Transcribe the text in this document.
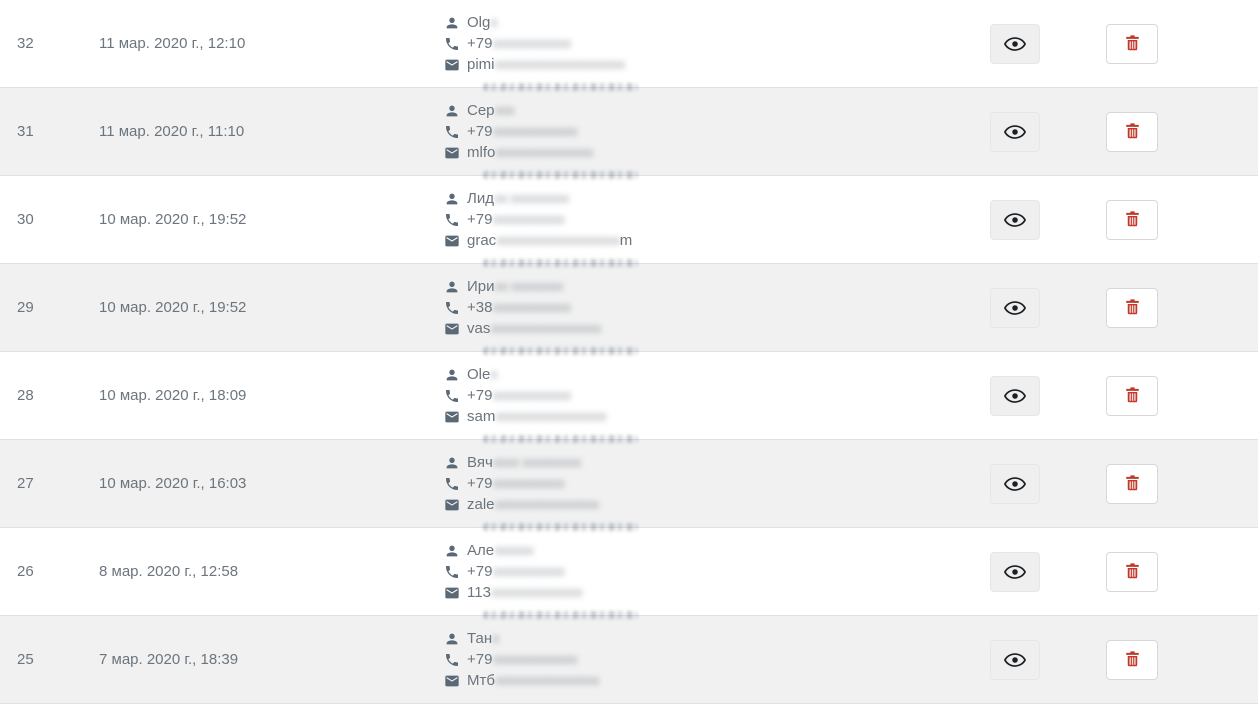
32	11 мар. 2020 г., 12:10
Olgx
+79xxxxxxxxxxxx
pimixxxxxxxxxxxxxxxxxxxx
31	11 мар. 2020 г., 11:10
Серxxx
+79xxxxxxxxxxxxx
mlfoxxxxxxxxxxxxxxx
30	10 мар. 2020 г., 19:52
Лидxx xxxxxxxxx
+79xxxxxxxxxxx
gracxxxxxxxxxxxxxxxxxxxm
29	10 мар. 2020 г., 19:52
Ириxx xxxxxxxx
+38xxxxxxxxxxxx
vasxxxxxxxxxxxxxxxxx
28	10 мар. 2020 г., 18:09
Olex
+79xxxxxxxxxxxx
samxxxxxxxxxxxxxxxxx
27	10 мар. 2020 г., 16:03
Вячxxxx xxxxxxxxx
+79xxxxxxxxxxx
zalexxxxxxxxxxxxxxxx
26	8 мар. 2020 г., 12:58
Алеxxxxxx
+79xxxxxxxxxxx
113xxxxxxxxxxxxxx
25	7 мар. 2020 г., 18:39
Танx
+79xxxxxxxxxxxxx
Мтбxxxxxxxxxxxxxxxx
